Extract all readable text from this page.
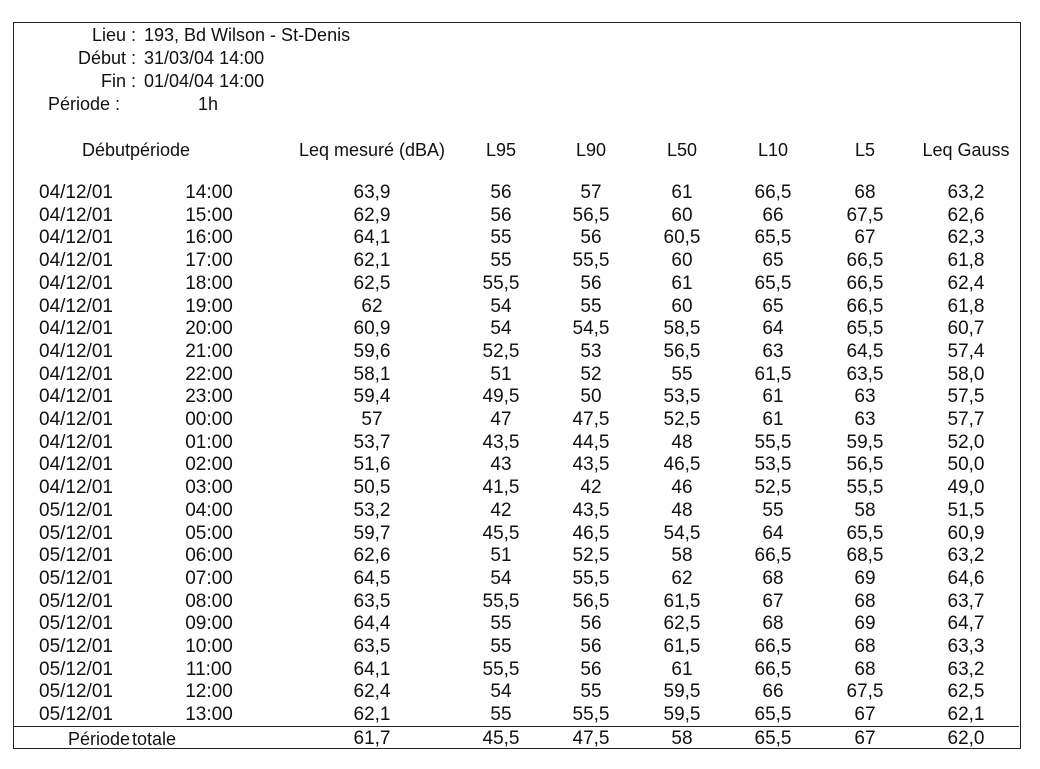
Lieu : 193, Bd Wilson - St-Denis
Début : 31/03/04 14:00
Fin : 01/04/04 14:00
Période :	1h
Début période	Leq mesuré (dBA)	L95	L90	L50	L10	L5	Leq Gauss
04/12/01	14:00	63,9	56	57	61	66,5	68	63,2
04/12/01	15:00	62,9	56	56,5	60	66	67,5	62,6
04/12/01	16:00	64,1	55	56	60,5	65,5	67	62,3
04/12/01	17:00	62,1	55	55,5	60	65	66,5	61,8
04/12/01	18:00	62,5	55,5	56	61	65,5	66,5	62,4
04/12/01	19:00	62	54	55	60	65	66,5	61,8
04/12/01	20:00	60,9	54	54,5	58,5	64	65,5	60,7
04/12/01	21:00	59,6	52,5	53	56,5	63	64,5	57,4
04/12/01	22:00	58,1	51	52	55	61,5	63,5	58,0
04/12/01	23:00	59,4	49,5	50	53,5	61	63	57,5
04/12/01	00:00	57	47	47,5	52,5	61	63	57,7
04/12/01	01:00	53,7	43,5	44,5	48	55,5	59,5	52,0
04/12/01	02:00	51,6	43	43,5	46,5	53,5	56,5	50,0
04/12/01	03:00	50,5	41,5	42	46	52,5	55,5	49,0
05/12/01	04:00	53,2	42	43,5	48	55	58	51,5
05/12/01	05:00	59,7	45,5	46,5	54,5	64	65,5	60,9
05/12/01	06:00	62,6	51	52,5	58	66,5	68,5	63,2
05/12/01	07:00	64,5	54	55,5	62	68	69	64,6
05/12/01	08:00	63,5	55,5	56,5	61,5	67	68	63,7
05/12/01	09:00	64,4	55	56	62,5	68	69	64,7
05/12/01	10:00	63,5	55	56	61,5	66,5	68	63,3
05/12/01	11:00	64,1	55,5	56	61	66,5	68	63,2
05/12/01	12:00	62,4	54	55	59,5	66	67,5	62,5
05/12/01	13:00	62,1	55	55,5	59,5	65,5	67	62,1
Période totale	61,7	45,5	47,5	58	65,5	67	62,0
